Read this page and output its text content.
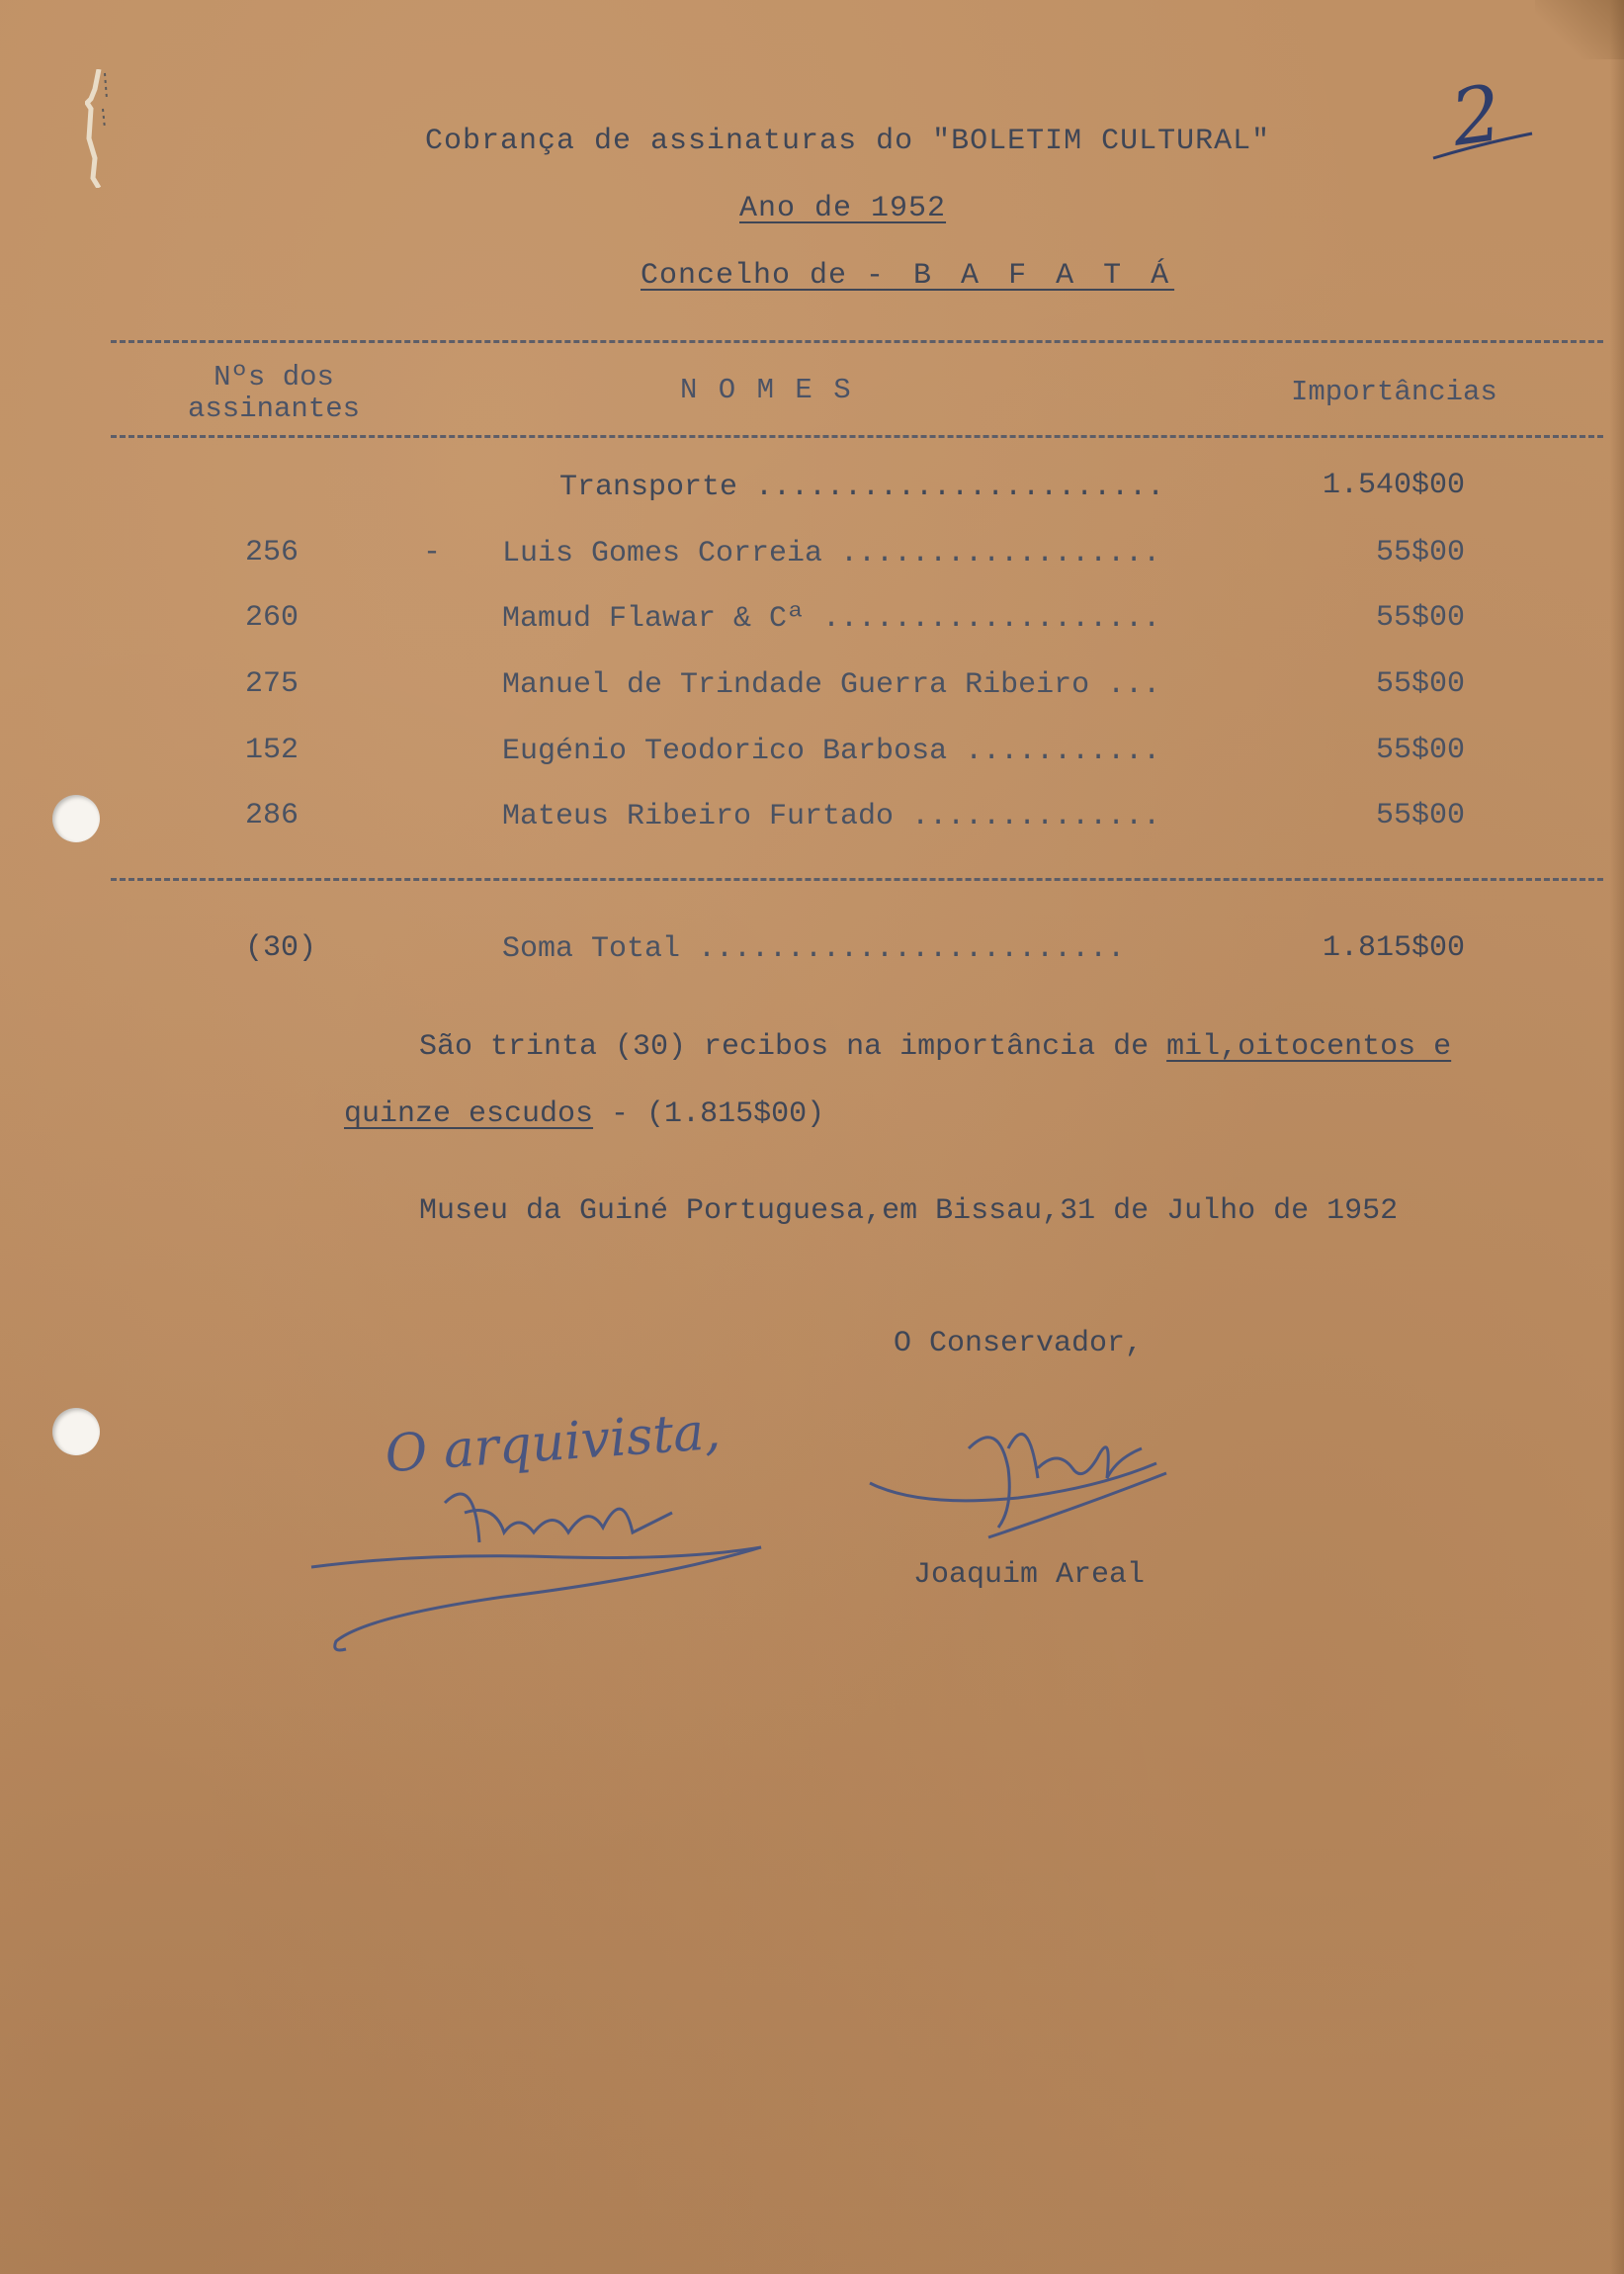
2
Cobrança de assinaturas do "BOLETIM CULTURAL"
Ano de 1952
Concelho de - B A F A T Á
Nºs dos
assinantes
N O M E S	Importâncias
Transporte .......................	1.540$00
256	- Luis Gomes Correia ..................	55$00
260	Mamud Flawar & Cª ...................	55$00
275	Manuel de Trindade Guerra Ribeiro ...	55$00
152	Eugénio Teodorico Barbosa ...........	55$00
286	Mateus Ribeiro Furtado ..............	55$00
(30)	Soma Total ........................	1.815$00
São trinta (30) recibos na importância de mil,oitocentos e
quinze escudos - (1.815$00)
Museu da Guiné Portuguesa,em Bissau,31 de Julho de 1952
O Conservador,
Joaquim Areal
O arquivista,
